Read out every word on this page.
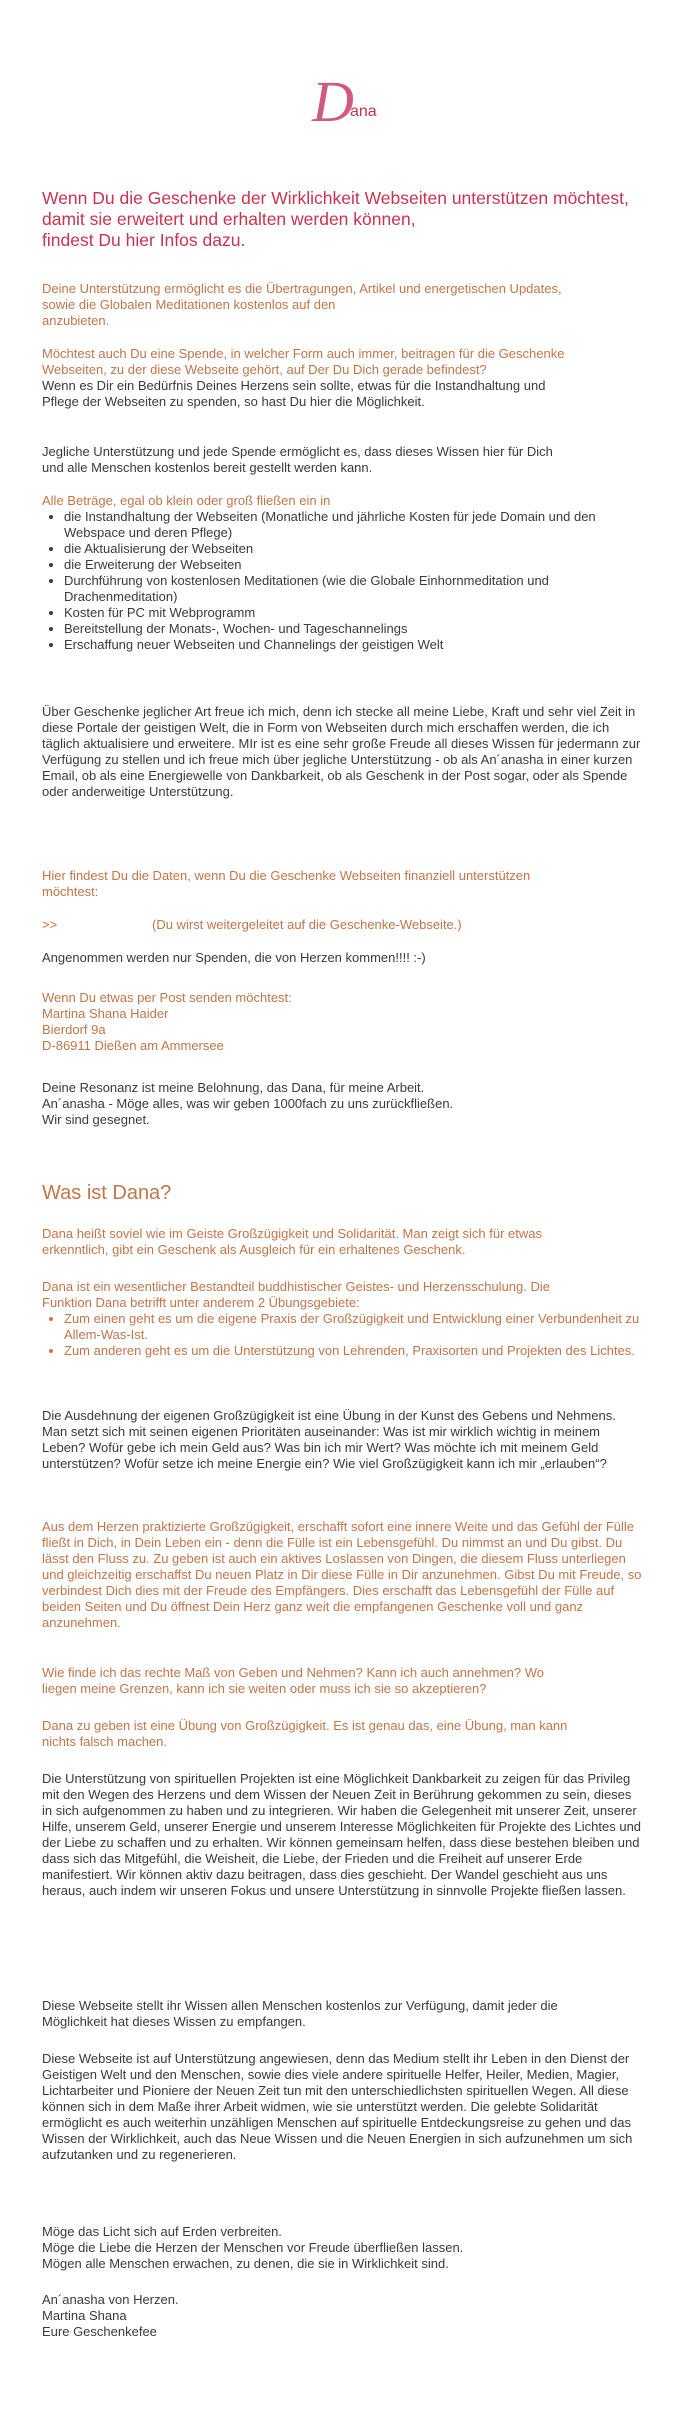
D
ana

Wenn Du die Geschenke der Wirklichkeit Webseiten unterstützen möchtest,

damit sie erweitert und erhalten werden können,

findest Du hier Infos dazu.

Deine Unterstützung ermöglicht es die Übertragungen, Artikel und energetischen Updates,

sowie die Globalen Meditationen kostenlos auf den

anzubieten.

Möchtest auch Du eine Spende, in welcher Form auch immer, beitragen für die Geschenke

Webseiten, zu der diese Webseite gehört, auf Der Du Dich gerade befindest?

Wenn es Dir ein Bedürfnis Deines Herzens sein sollte, etwas für die Instandhaltung und

Pflege der Webseiten zu spenden, so hast Du hier die Möglichkeit.

Jegliche Unterstützung und jede Spende ermöglicht es, dass dieses Wissen hier für Dich

und alle Menschen kostenlos bereit gestellt werden kann.

Alle Beträge, egal ob klein oder groß fließen ein in

• die Instandhaltung der Webseiten (Monatliche und jährliche Kosten für jede Domain und den Webspace und deren Pflege)
• die Aktualisierung der Webseiten
• die Erweiterung der Webseiten
• Durchführung von kostenlosen Meditationen (wie die Globale Einhornmeditation und Drachenmeditation)
• Kosten für PC mit Webprogramm
• Bereitstellung der Monats-, Wochen- und Tageschannelings
• Erschaffung neuer Webseiten und Channelings der geistigen Welt

Über Geschenke jeglicher Art freue ich mich, denn ich stecke all meine Liebe, Kraft und sehr viel Zeit in diese Portale der geistigen Welt, die in Form von Webseiten durch mich erschaffen werden, die ich täglich aktualisiere und erweitere. MIr ist es eine sehr große Freude all dieses Wissen für jedermann zur Verfügung zu stellen und ich freue mich über jegliche Unterstützung - ob als An´anasha in einer kurzen Email, ob als eine Energiewelle von Dankbarkeit, ob als Geschenk in der Post sogar, oder als Spende oder anderweitige Unterstützung.

Hier findest Du die Daten, wenn Du die Geschenke Webseiten finanziell unterstützen

möchtest:

>>	(Du wirst weitergeleitet auf die Geschenke-Webseite.)

Angenommen werden nur Spenden, die von Herzen kommen!!!! :-)

Wenn Du etwas per Post senden möchtest:

Martina Shana Haider

Bierdorf 9a

D-86911 Dießen am Ammersee

Deine Resonanz ist meine Belohnung, das Dana, für meine Arbeit.

An´anasha - Möge alles, was wir geben 1000fach zu uns zurückfließen.

Wir sind gesegnet.

Was ist Dana?

Dana heißt soviel wie im Geiste Großzügigkeit und Solidarität. Man zeigt sich für etwas

erkenntlich, gibt ein Geschenk als Ausgleich für ein erhaltenes Geschenk.

Dana ist ein wesentlicher Bestandteil buddhistischer Geistes- und Herzensschulung. Die

Funktion Dana betrifft unter anderem 2 Übungsgebiete:

• Zum einen geht es um die eigene Praxis der Großzügigkeit und Entwicklung einer Verbundenheit zu Allem-Was-Ist.
• Zum anderen geht es um die Unterstützung von Lehrenden, Praxisorten und Projekten des Lichtes.

Die Ausdehnung der eigenen Großzügigkeit ist eine Übung in der Kunst des Gebens und Nehmens. Man setzt sich mit seinen eigenen Prioritäten auseinander: Was ist mir wirklich wichtig in meinem Leben? Wofür gebe ich mein Geld aus? Was bin ich mir Wert? Was möchte ich mit meinem Geld unterstützen? Wofür setze ich meine Energie ein? Wie viel Großzügigkeit kann ich mir „erlauben“?

Aus dem Herzen praktizierte Großzügigkeit, erschafft sofort eine innere Weite und das Gefühl der Fülle fließt in Dich, in Dein Leben ein - denn die Fülle ist ein Lebensgefühl. Du nimmst an und Du gibst. Du lässt den Fluss zu. Zu geben ist auch ein aktives Loslassen von Dingen, die diesem Fluss unterliegen und gleichzeitig erschaffst Du neuen Platz in Dir diese Fülle in Dir anzunehmen. Gibst Du mit Freude, so verbindest Dich dies mit der Freude des Empfängers. Dies erschafft das Lebensgefühl der Fülle auf beiden Seiten und Du öffnest Dein Herz ganz weit die empfangenen Geschenke voll und ganz anzunehmen.

Wie finde ich das rechte Maß von Geben und Nehmen? Kann ich auch annehmen? Wo

liegen meine Grenzen, kann ich sie weiten oder muss ich sie so akzeptieren?

Dana zu geben ist eine Übung von Großzügigkeit. Es ist genau das, eine Übung, man kann

nichts falsch machen.

Die Unterstützung von spirituellen Projekten ist eine Möglichkeit Dankbarkeit zu zeigen für das Privileg mit den Wegen des Herzens und dem Wissen der Neuen Zeit in Berührung gekommen zu sein, dieses in sich aufgenommen zu haben und zu integrieren. Wir haben die Gelegenheit mit unserer Zeit, unserer Hilfe, unserem Geld, unserer Energie und unserem Interesse Möglichkeiten für Projekte des Lichtes und der Liebe zu schaffen und zu erhalten. Wir können gemeinsam helfen, dass diese bestehen bleiben und dass sich das Mitgefühl, die Weisheit, die Liebe, der Frieden und die Freiheit auf unserer Erde manifestiert. Wir können aktiv dazu beitragen, dass dies geschieht. Der Wandel geschieht aus uns heraus, auch indem wir unseren Fokus und unsere Unterstützung in sinnvolle Projekte fließen lassen.

Diese Webseite stellt ihr Wissen allen Menschen kostenlos zur Verfügung, damit jeder die

Möglichkeit hat dieses Wissen zu empfangen.

Diese Webseite ist auf Unterstützung angewiesen, denn das Medium stellt ihr Leben in den Dienst der Geistigen Welt und den Menschen, sowie dies viele andere spirituelle Helfer, Heiler, Medien, Magier, Lichtarbeiter und Pioniere der Neuen Zeit tun mit den unterschiedlichsten spirituellen Wegen. All diese können sich in dem Maße ihrer Arbeit widmen, wie sie unterstützt werden. Die gelebte Solidarität ermöglicht es auch weiterhin unzähligen Menschen auf spirituelle Entdeckungsreise zu gehen und das Wissen der Wirklichkeit, auch das Neue Wissen und die Neuen Energien in sich aufzunehmen um sich aufzutanken und zu regenerieren.

Möge das Licht sich auf Erden verbreiten.

Möge die Liebe die Herzen der Menschen vor Freude überfließen lassen.

Mögen alle Menschen erwachen, zu denen, die sie in Wirklichkeit sind.

An´anasha von Herzen.

Martina Shana

Eure Geschenkefee
